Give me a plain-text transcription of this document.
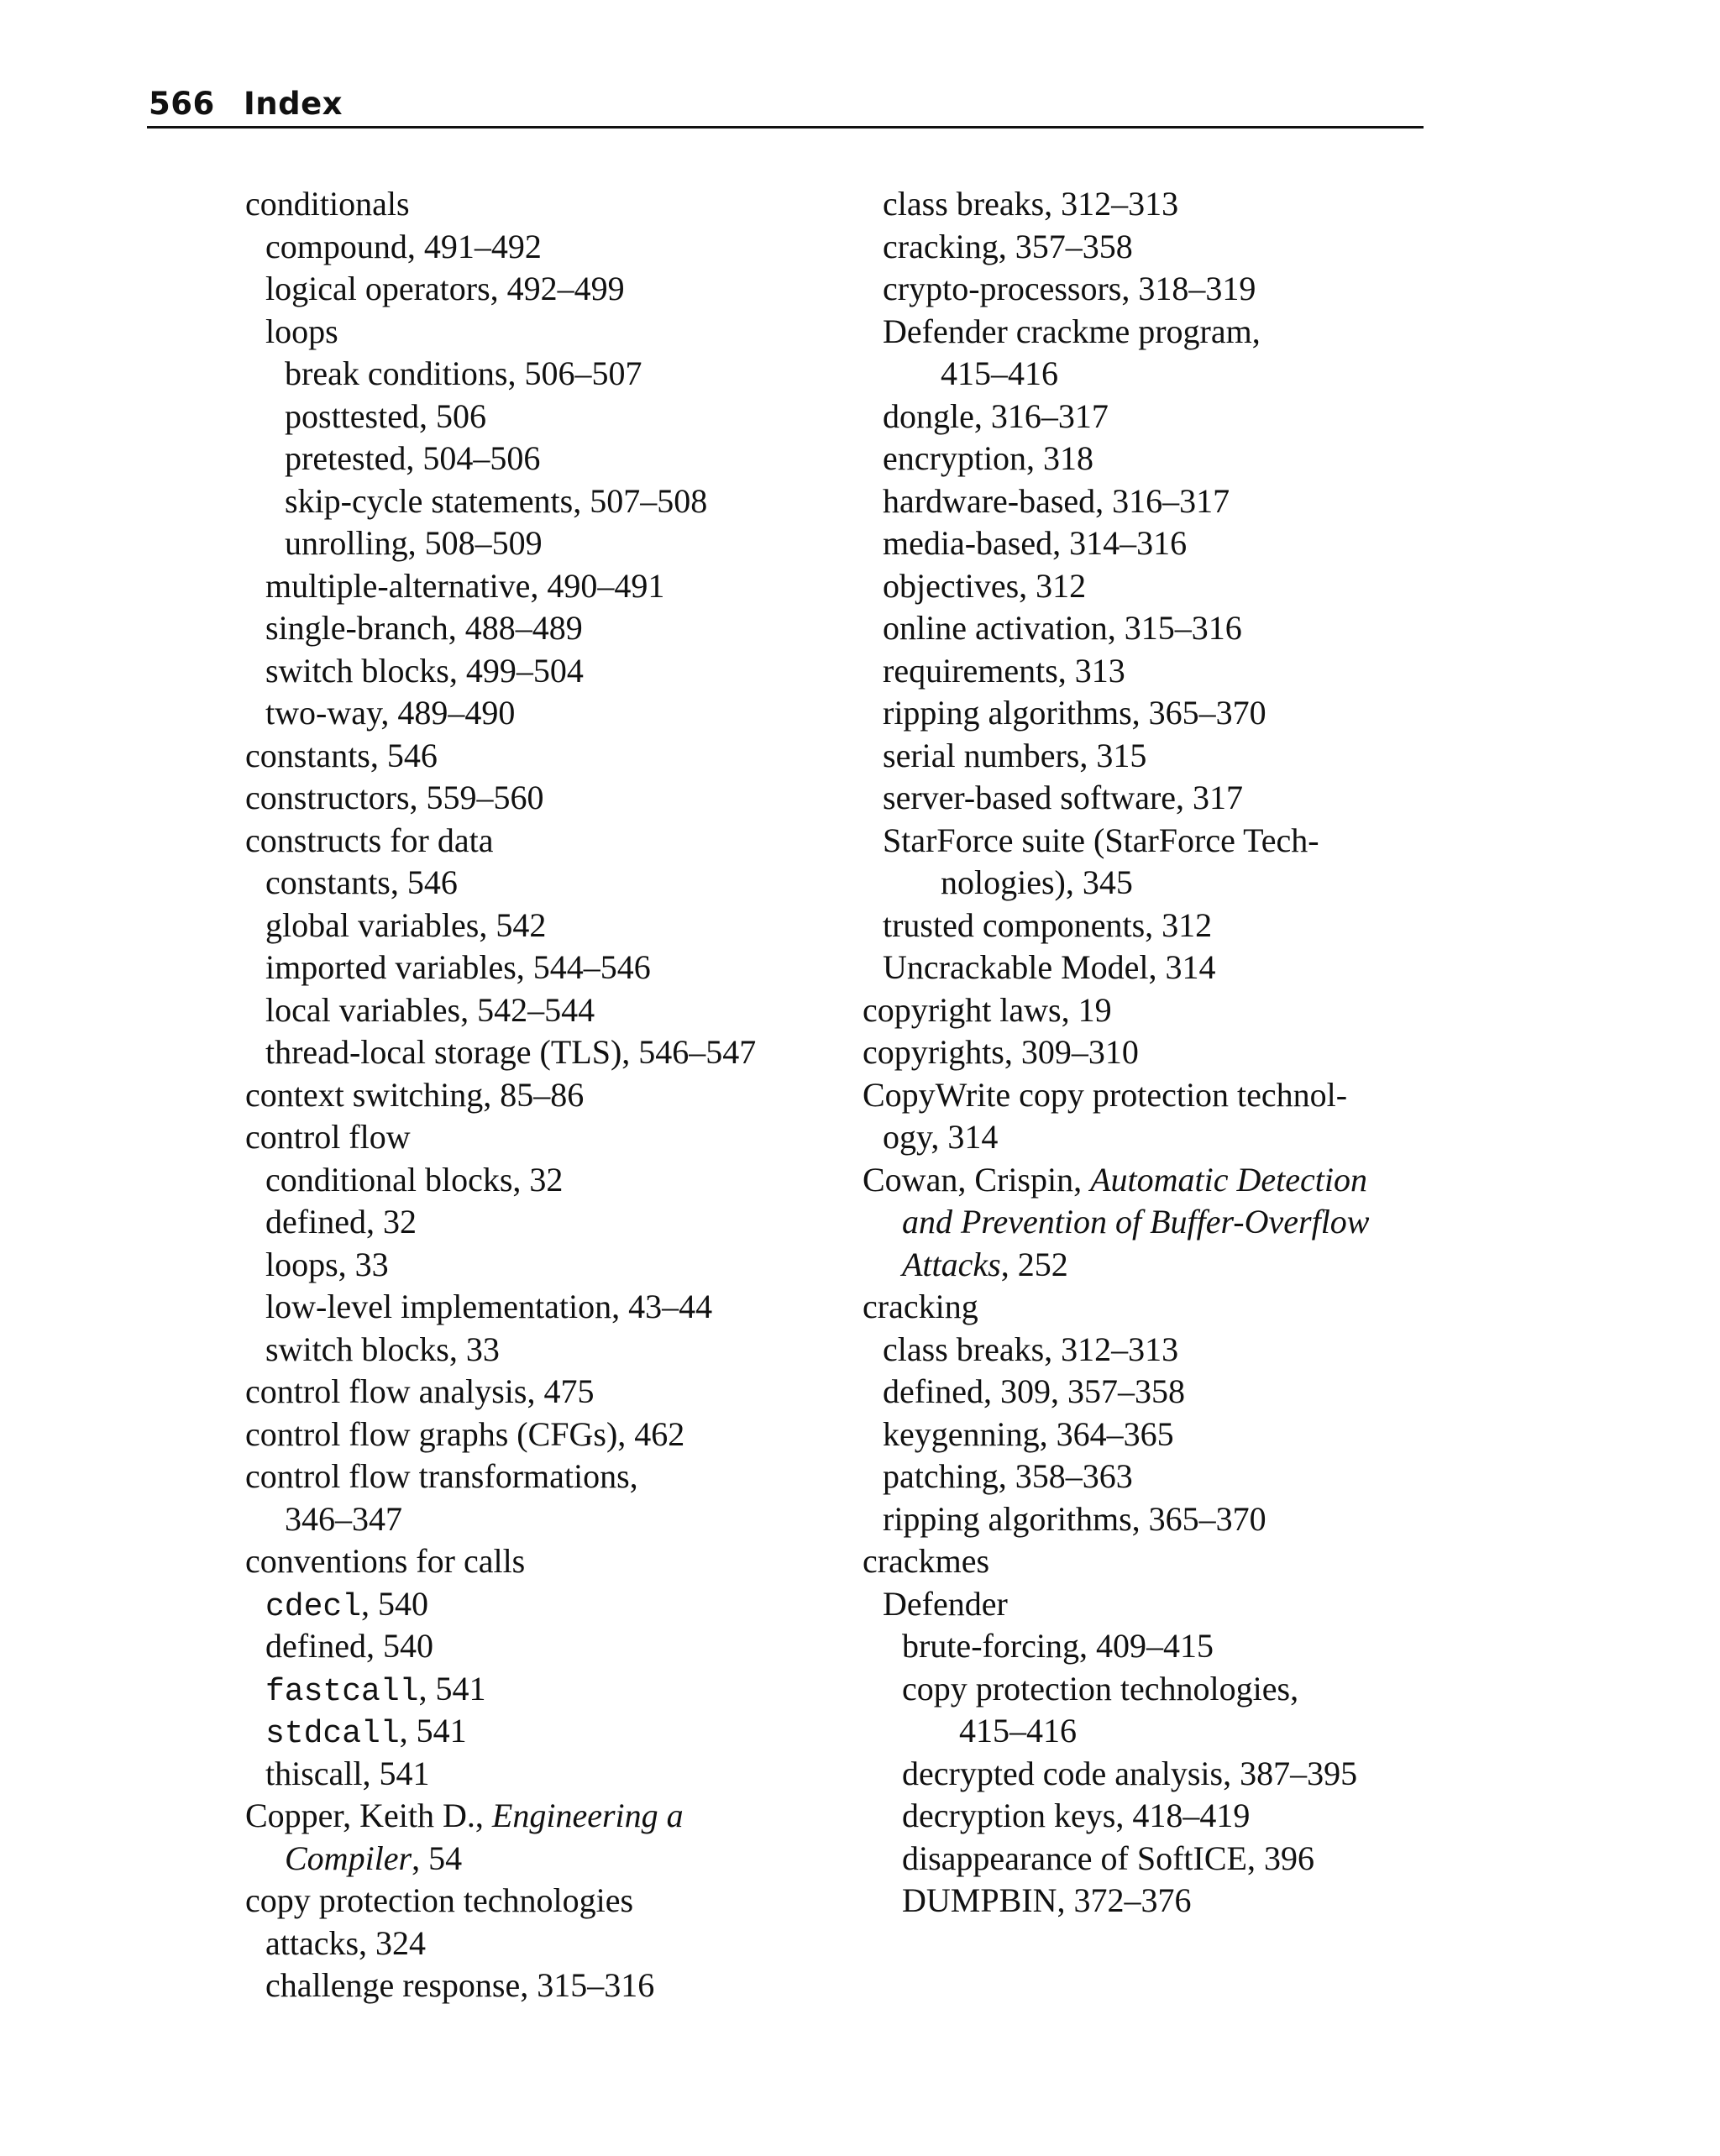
566 Index
conditionals
compound, 491–492
logical operators, 492–499
loops
break conditions, 506–507
posttested, 506
pretested, 504–506
skip-cycle statements, 507–508
unrolling, 508–509
multiple-alternative, 490–491
single-branch, 488–489
switch blocks, 499–504
two-way, 489–490
constants, 546
constructors, 559–560
constructs for data
constants, 546
global variables, 542
imported variables, 544–546
local variables, 542–544
thread-local storage (TLS), 546–547
context switching, 85–86
control flow
conditional blocks, 32
defined, 32
loops, 33
low-level implementation, 43–44
switch blocks, 33
control flow analysis, 475
control flow graphs (CFGs), 462
control flow transformations,
346–347
conventions for calls
cdecl, 540
defined, 540
fastcall, 541
stdcall, 541
thiscall, 541
Copper, Keith D., Engineering a
Compiler, 54
copy protection technologies
attacks, 324
challenge response, 315–316
class breaks, 312–313
cracking, 357–358
crypto-processors, 318–319
Defender crackme program,
415–416
dongle, 316–317
encryption, 318
hardware-based, 316–317
media-based, 314–316
objectives, 312
online activation, 315–316
requirements, 313
ripping algorithms, 365–370
serial numbers, 315
server-based software, 317
StarForce suite (StarForce Tech-
nologies), 345
trusted components, 312
Uncrackable Model, 314
copyright laws, 19
copyrights, 309–310
CopyWrite copy protection technol-
ogy, 314
Cowan, Crispin, Automatic Detection
and Prevention of Buffer-Overflow
Attacks, 252
cracking
class breaks, 312–313
defined, 309, 357–358
keygenning, 364–365
patching, 358–363
ripping algorithms, 365–370
crackmes
Defender
brute-forcing, 409–415
copy protection technologies,
415–416
decrypted code analysis, 387–395
decryption keys, 418–419
disappearance of SoftICE, 396
DUMPBIN, 372–376
